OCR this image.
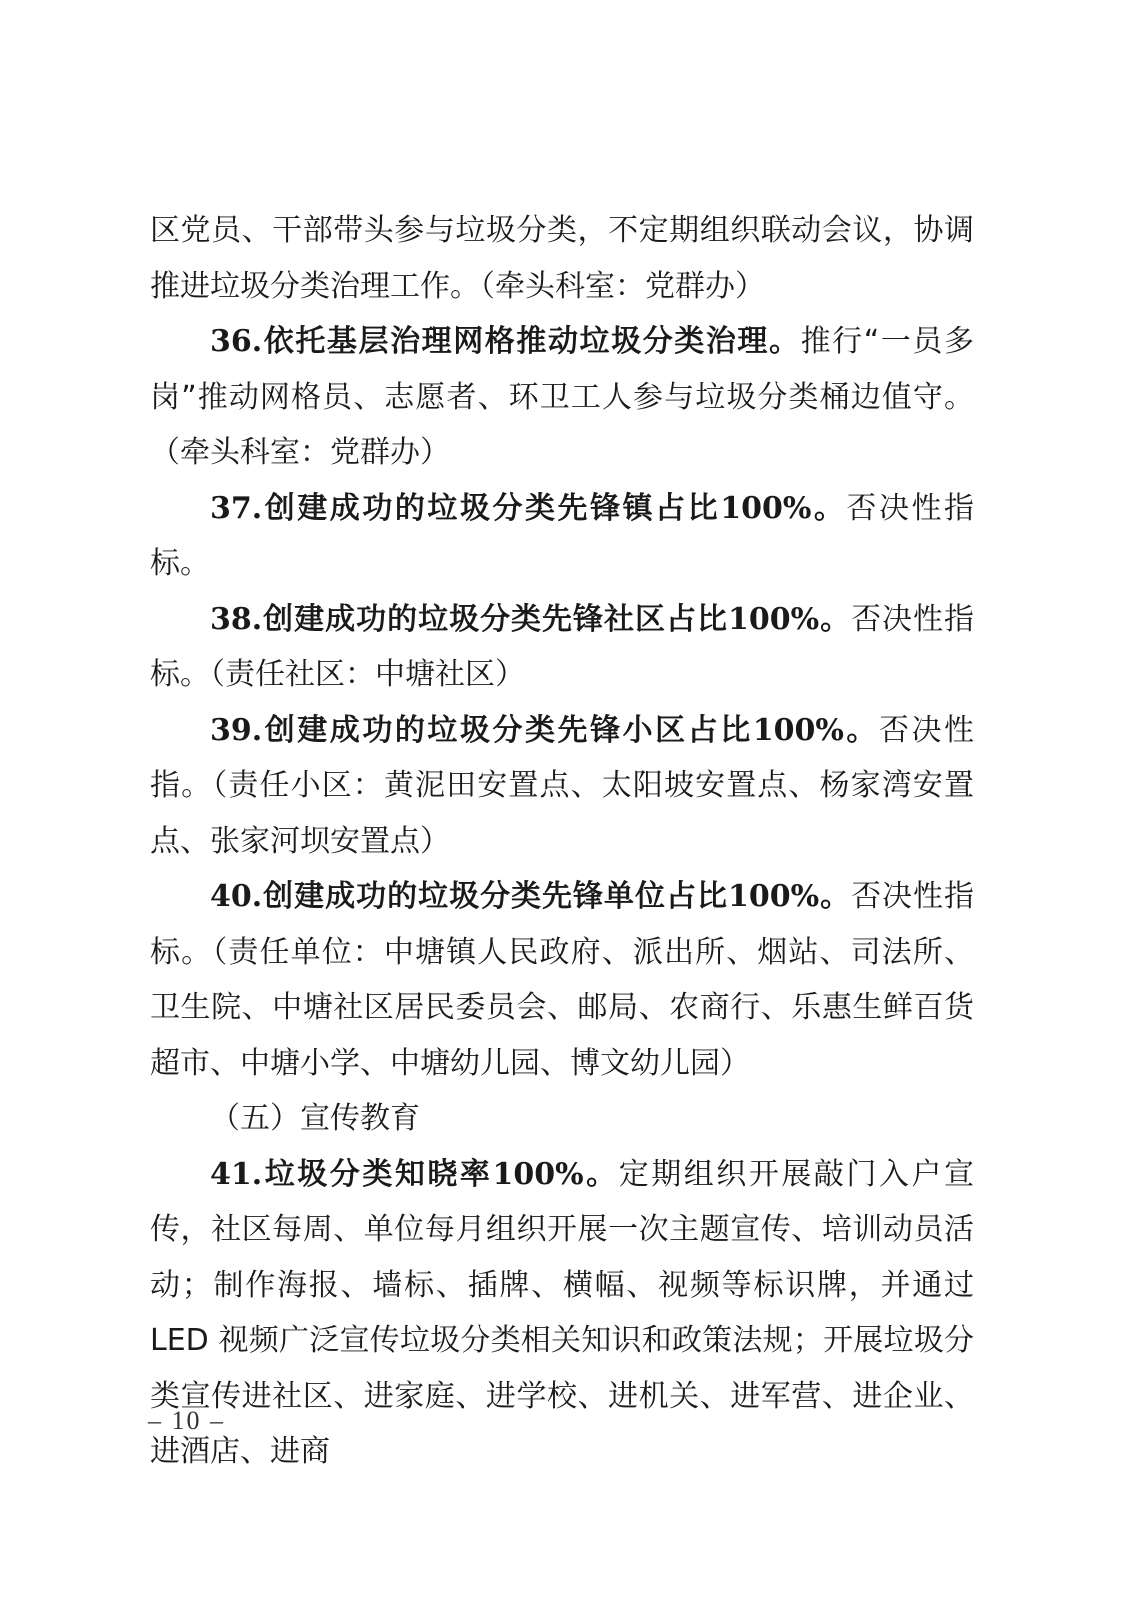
区党员、干部带头参与垃圾分类，不定期组织联动会议，协调推进垃圾分类治理工作。（牵头科室：党群办）

36.依托基层治理网格推动垃圾分类治理。推行“一员多岗”推动网格员、志愿者、环卫工人参与垃圾分类桶边值守。（牵头科室：党群办）

37.创建成功的垃圾分类先锋镇占比100%。否决性指标。

38.创建成功的垃圾分类先锋社区占比100%。否决性指标。（责任社区：中塘社区）

39.创建成功的垃圾分类先锋小区占比100%。否决性指。（责任小区：黄泥田安置点、太阳坡安置点、杨家湾安置点、张家河坝安置点）

40.创建成功的垃圾分类先锋单位占比100%。否决性指标。（责任单位：中塘镇人民政府、派出所、烟站、司法所、卫生院、中塘社区居民委员会、邮局、农商行、乐惠生鲜百货超市、中塘小学、中塘幼儿园、博文幼儿园）

（五）宣传教育

41.垃圾分类知晓率100%。定期组织开展敲门入户宣传，社区每周、单位每月组织开展一次主题宣传、培训动员活动；制作海报、墙标、插牌、横幅、视频等标识牌，并通过 LED 视频广泛宣传垃圾分类相关知识和政策法规；开展垃圾分类宣传进社区、进家庭、进学校、进机关、进军营、进企业、进酒店、进商

– 10 –
